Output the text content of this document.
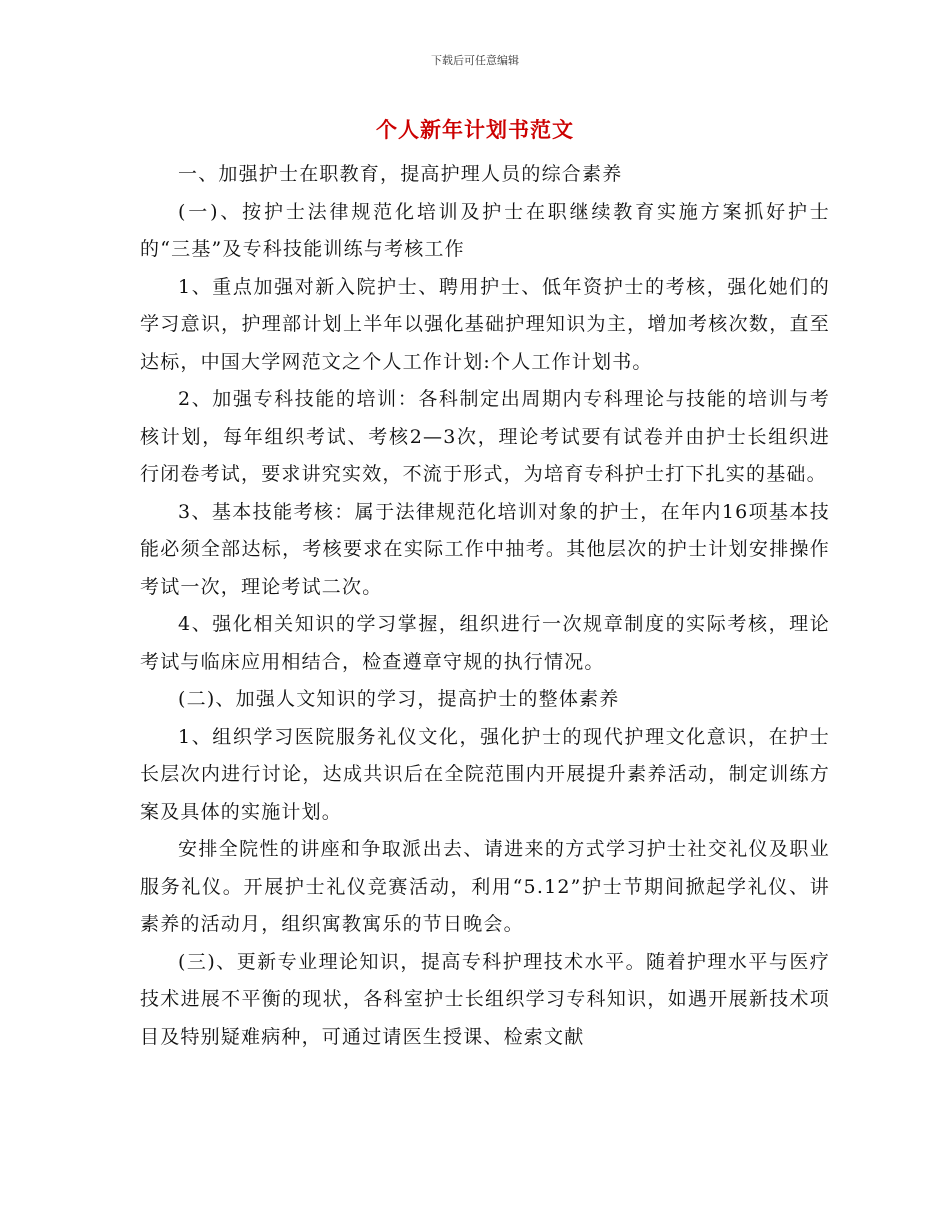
下载后可任意编辑
个人新年计划书范文

一、加强护士在职教育，提高护理人员的综合素养

(一)、按护士法律规范化培训及护士在职继续教育实施方案抓好护士的“三基”及专科技能训练与考核工作

1、重点加强对新入院护士、聘用护士、低年资护士的考核，强化她们的学习意识，护理部计划上半年以强化基础护理知识为主，增加考核次数，直至达标，中国大学网范文之个人工作计划:个人工作计划书。

2、加强专科技能的培训：各科制定出周期内专科理论与技能的培训与考核计划，每年组织考试、考核2—3次，理论考试要有试卷并由护士长组织进行闭卷考试，要求讲究实效，不流于形式，为培育专科护士打下扎实的基础。

3、基本技能考核：属于法律规范化培训对象的护士，在年内16项基本技能必须全部达标，考核要求在实际工作中抽考。其他层次的护士计划安排操作考试一次，理论考试二次。

4、强化相关知识的学习掌握，组织进行一次规章制度的实际考核，理论考试与临床应用相结合，检查遵章守规的执行情况。

(二)、加强人文知识的学习，提高护士的整体素养

1、组织学习医院服务礼仪文化，强化护士的现代护理文化意识，在护士长层次内进行讨论，达成共识后在全院范围内开展提升素养活动，制定训练方案及具体的实施计划。

安排全院性的讲座和争取派出去、请进来的方式学习护士社交礼仪及职业服务礼仪。开展护士礼仪竞赛活动，利用“5.12”护士节期间掀起学礼仪、讲素养的活动月，组织寓教寓乐的节日晚会。

(三)、更新专业理论知识，提高专科护理技术水平。随着护理水平与医疗技术进展不平衡的现状，各科室护士长组织学习专科知识，如遇开展新技术项目及特别疑难病种，可通过请医生授课、检索文献
